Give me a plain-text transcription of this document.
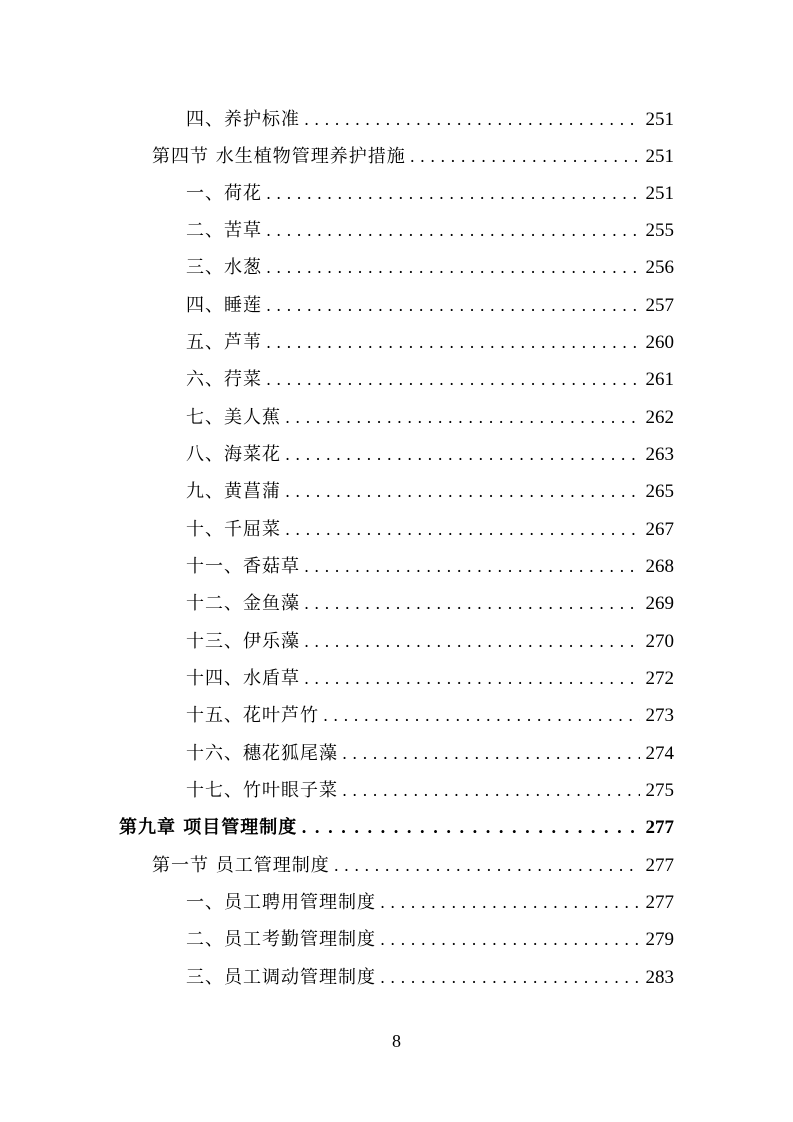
四、养护标准 . . .	251
第四节 水生植物管理养护措施 . . .	251
一、荷花 . . .	251
二、苦草 . . .	255
三、水葱 . . .	256
四、睡莲 . . .	257
五、芦苇 . . .	260
六、荇菜 . . .	261
七、美人蕉 . . .	262
八、海菜花 . . .	263
九、黄菖蒲 . . .	265
十、千屈菜 . . .	267
十一、香菇草 . . .	268
十二、金鱼藻 . . .	269
十三、伊乐藻 . . .	270
十四、水盾草 . . .	272
十五、花叶芦竹 . . .	273
十六、穗花狐尾藻 . . .	274
十七、竹叶眼子菜 . . .	275
第九章 项目管理制度 . . .	277
第一节 员工管理制度 . . .	277
一、员工聘用管理制度 . . .	277
二、员工考勤管理制度 . . .	279
三、员工调动管理制度 . . .	283
8
